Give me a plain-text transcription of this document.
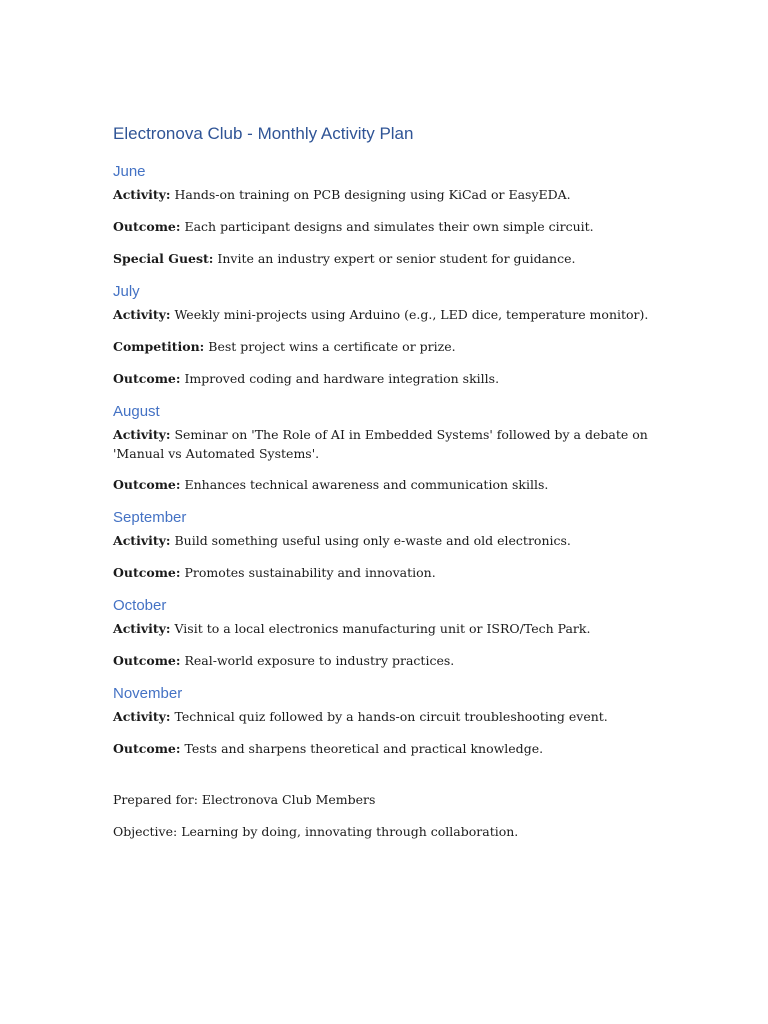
Electronova Club - Monthly Activity Plan
June

Activity: Hands-on training on PCB designing using KiCad or EasyEDA.

Outcome: Each participant designs and simulates their own simple circuit.

Special Guest: Invite an industry expert or senior student for guidance.

July

Activity: Weekly mini-projects using Arduino (e.g., LED dice, temperature monitor).

Competition: Best project wins a certificate or prize.

Outcome: Improved coding and hardware integration skills.

August

Activity: Seminar on 'The Role of AI in Embedded Systems' followed by a debate on 'Manual vs Automated Systems'.

Outcome: Enhances technical awareness and communication skills.

September

Activity: Build something useful using only e-waste and old electronics.

Outcome: Promotes sustainability and innovation.

October

Activity: Visit to a local electronics manufacturing unit or ISRO/Tech Park.

Outcome: Real-world exposure to industry practices.

November

Activity: Technical quiz followed by a hands-on circuit troubleshooting event.

Outcome: Tests and sharpens theoretical and practical knowledge.

Prepared for: Electronova Club Members

Objective: Learning by doing, innovating through collaboration.
